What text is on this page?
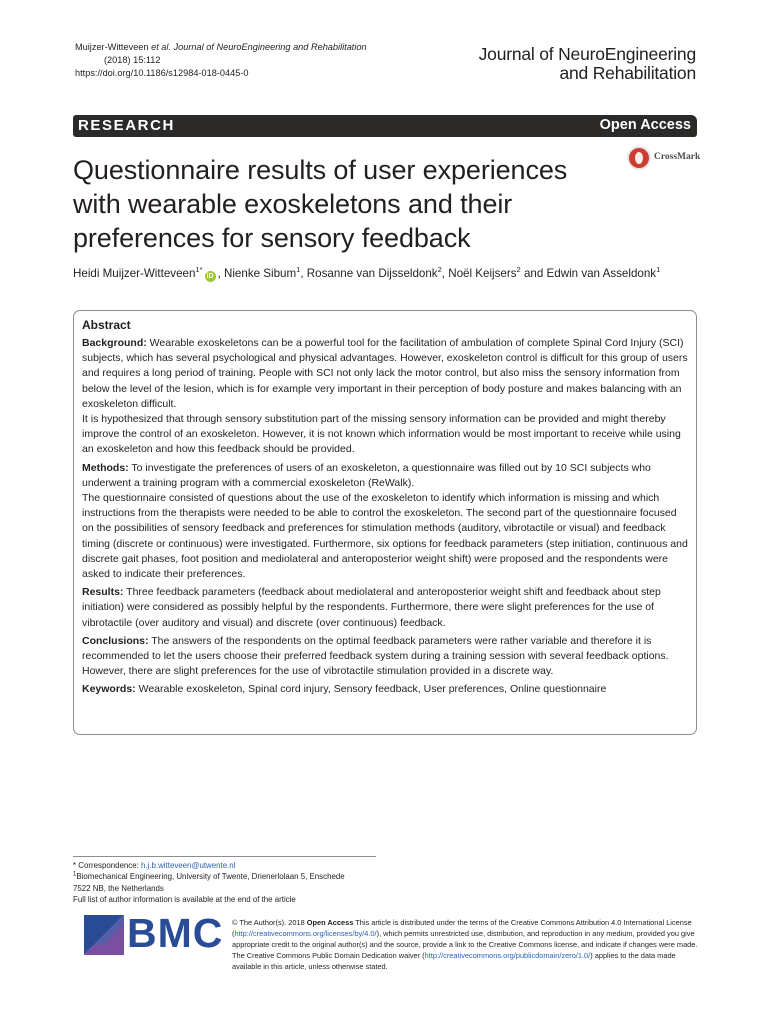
Muijzer-Witteveen et al. Journal of NeuroEngineering and Rehabilitation
(2018) 15:112
https://doi.org/10.1186/s12984-018-0445-0
Journal of NeuroEngineering
and Rehabilitation
RESEARCH	Open Access
CrossMark
Questionnaire results of user experiences
with wearable exoskeletons and their
preferences for sensory feedback
Heidi Muijzer-Witteveen$^{1*}$iD , Nienke Sibum$^1$, Rosanne van Dijsseldonk$^2$, Noël Keijsers$^2$ and Edwin van Asseldonk$^1$
Abstract

Background: Wearable exoskeletons can be a powerful tool for the facilitation of ambulation of complete Spinal Cord Injury (SCI) subjects, which has several psychological and physical advantages. However, exoskeleton control is difficult for this group of users and requires a long period of training. People with SCI not only lack the motor control, but also miss the sensory information from below the level of the lesion, which is for example very important in their perception of body posture and makes balancing with an exoskeleton difficult.

It is hypothesized that through sensory substitution part of the missing sensory information can be provided and might thereby improve the control of an exoskeleton. However, it is not known which information would be most important to receive while using an exoskeleton and how this feedback should be provided.

Methods: To investigate the preferences of users of an exoskeleton, a questionnaire was filled out by 10 SCI subjects who underwent a training program with a commercial exoskeleton (ReWalk).

The questionnaire consisted of questions about the use of the exoskeleton to identify which information is missing and which instructions from the therapists were needed to be able to control the exoskeleton. The second part of the questionnaire focused on the possibilities of sensory feedback and preferences for stimulation methods (auditory, vibrotactile or visual) and feedback timing (discrete or continuous) were investigated. Furthermore, six options for feedback parameters (step initiation, continuous and discrete gait phases, foot position and mediolateral and anteroposterior weight shift) were proposed and the respondents were asked to indicate their preferences.

Results: Three feedback parameters (feedback about mediolateral and anteroposterior weight shift and feedback about step initiation) were considered as possibly helpful by the respondents. Furthermore, there were slight preferences for the use of vibrotactile (over auditory and visual) and discrete (over continuous) feedback.

Conclusions: The answers of the respondents on the optimal feedback parameters were rather variable and therefore it is recommended to let the users choose their preferred feedback system during a training session with several feedback options. However, there are slight preferences for the use of vibrotactile stimulation provided in a discrete way.

Keywords: Wearable exoskeleton, Spinal cord injury, Sensory feedback, User preferences, Online questionnaire

* Correspondence: h.j.b.witteveen@utwente.nl
$^1$Biomechanical Engineering, University of Twente, Drienerlolaan 5, Enschede
7522 NB, the Netherlands
Full list of author information is available at the end of the article
BMC © The Author(s). 2018 Open Access This article is distributed under the terms of the Creative Commons Attribution 4.0 International License (http://creativecommons.org/licenses/by/4.0/), which permits unrestricted use, distribution, and reproduction in any medium, provided you give appropriate credit to the original author(s) and the source, provide a link to the Creative Commons license, and indicate if changes were made. The Creative Commons Public Domain Dedication waiver (http://creativecommons.org/publicdomain/zero/1.0/) applies to the data made available in this article, unless otherwise stated.
